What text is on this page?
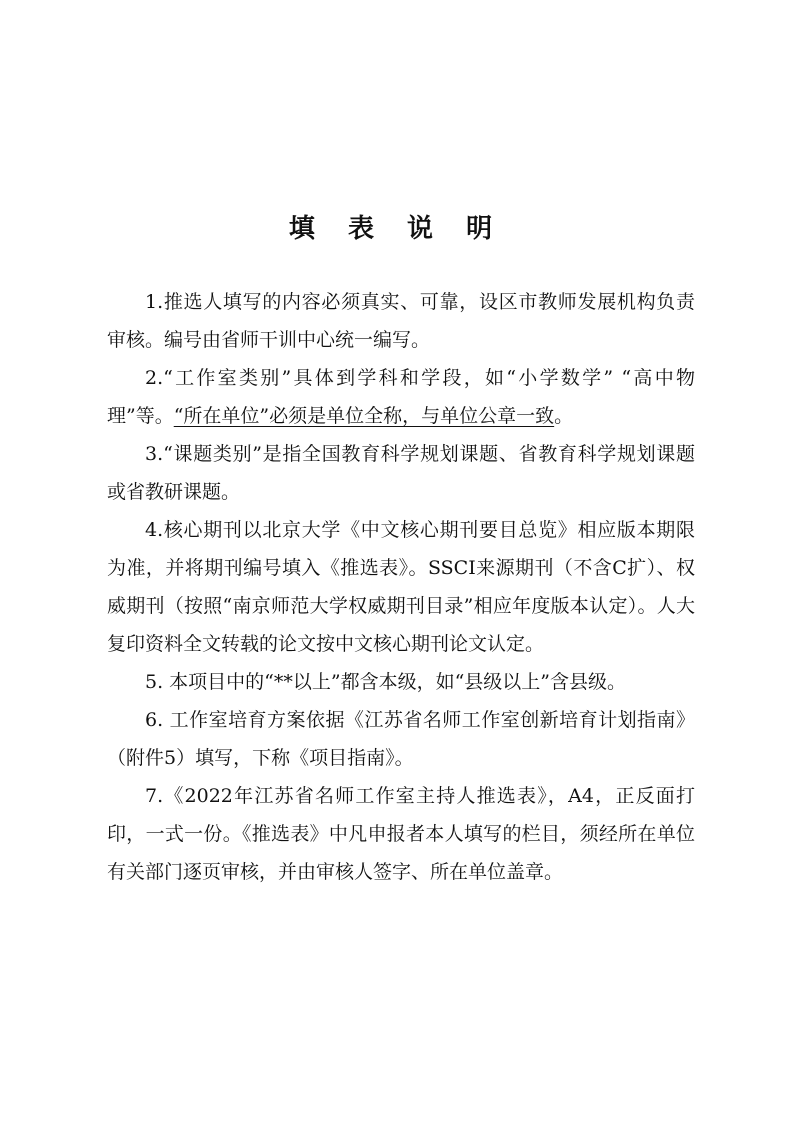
填 表 说 明

1.推选人填写的内容必须真实、可靠，设区市教师发展机构负责审核。编号由省师干训中心统一编写。

2.“工作室类别”具体到学科和学段，如“小学数学” “高中物理”等。“所在单位”必须是单位全称，与单位公章一致。

3.“课题类别”是指全国教育科学规划课题、省教育科学规划课题或省教研课题。

4.核心期刊以北京大学《中文核心期刊要目总览》相应版本期限为准，并将期刊编号填入《推选表》。SSCI来源期刊（不含C扩）、权威期刊（按照“南京师范大学权威期刊目录”相应年度版本认定）。人大复印资料全文转载的论文按中文核心期刊论文认定。

5. 本项目中的“**以上”都含本级，如“县级以上”含县级。

6. 工作室培育方案依据《江苏省名师工作室创新培育计划指南》（附件5）填写，下称《项目指南》。

7.《2022年江苏省名师工作室主持人推选表》，A4，正反面打印，一式一份。《推选表》中凡申报者本人填写的栏目，须经所在单位有关部门逐页审核，并由审核人签字、所在单位盖章。
